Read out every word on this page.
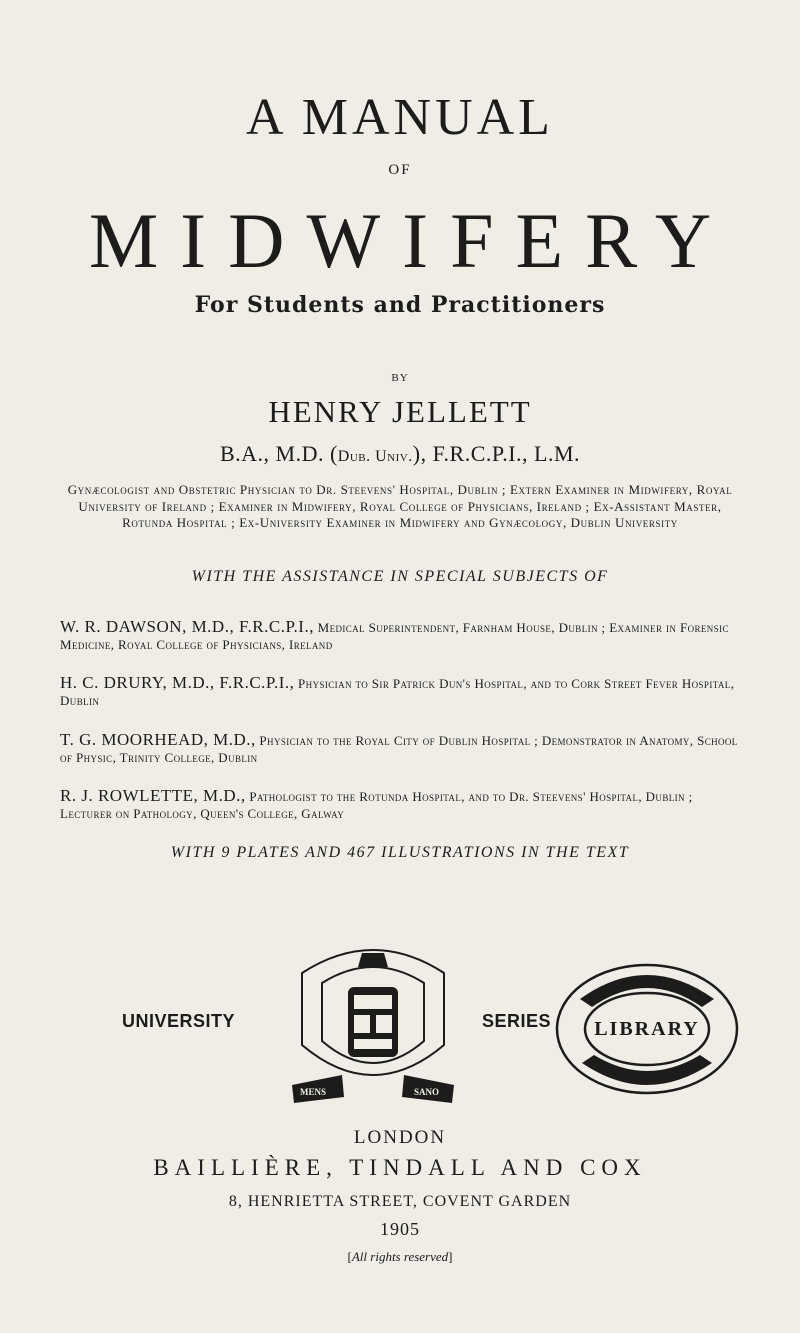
A MANUAL
OF
MIDWIFERY
For Students and Practitioners
BY
HENRY JELLETT
B.A., M.D. (Dub. Univ.), F.R.C.P.I., L.M.
Gynæcologist and Obstetric Physician to Dr. Steevens' Hospital, Dublin ; Extern Examiner in Midwifery, Royal University of Ireland ; Examiner in Midwifery, Royal College of Physicians, Ireland ; Ex-Assistant Master, Rotunda Hospital ; Ex-University Examiner in Midwifery and Gynæcology, Dublin University
WITH THE ASSISTANCE IN SPECIAL SUBJECTS OF
W. R. DAWSON, M.D., F.R.C.P.I., Medical Superintendent, Farnham House, Dublin ; Examiner in Forensic Medicine, Royal College of Physicians, Ireland
H. C. DRURY, M.D., F.R.C.P.I., Physician to Sir Patrick Dun's Hospital, and to Cork Street Fever Hospital, Dublin
T. G. MOORHEAD, M.D., Physician to the Royal City of Dublin Hospital ; Demonstrator in Anatomy, School of Physic, Trinity College, Dublin
R. J. ROWLETTE, M.D., Pathologist to the Rotunda Hospital, and to Dr. Steevens' Hospital, Dublin ; Lecturer on Pathology, Queen's College, Galway
WITH 9 PLATES AND 467 ILLUSTRATIONS IN THE TEXT
UNIVERSITY
MENS	SANO
SERIES LIBRARY
LONDON
BAILLIÈRE, TINDALL AND COX
8, HENRIETTA STREET, COVENT GARDEN
1905
[All rights reserved]
